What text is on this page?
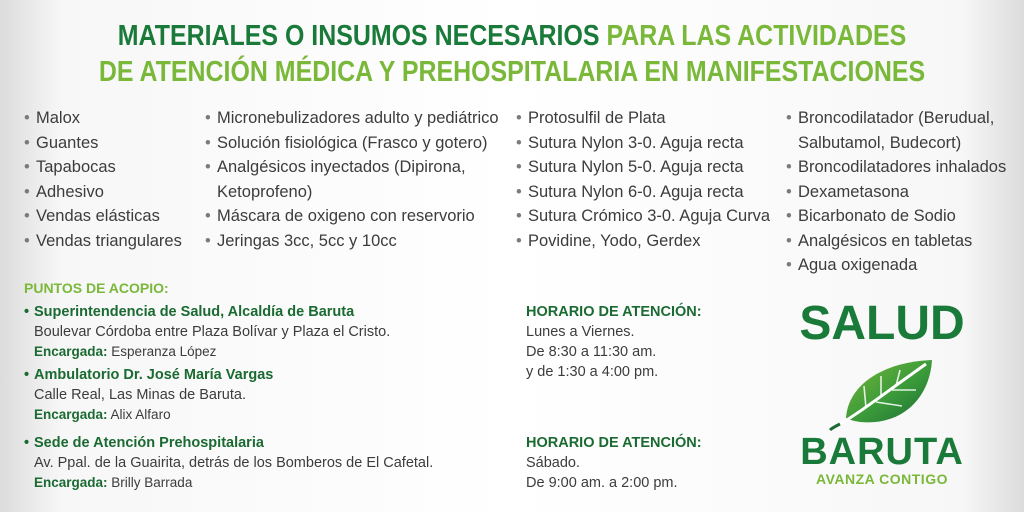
MATERIALES O INSUMOS NECESARIOS PARA LAS ACTIVIDADES
DE ATENCIÓN MÉDICA Y PREHOSPITALARIA EN MANIFESTACIONES
• Malox
• Guantes
• Tapabocas
• Adhesivo
• Vendas elásticas
• Vendas triangulares
• Micronebulizadores adulto y pediátrico
• Solución fisiológica (Frasco y gotero)
• Analgésicos inyectados (Dipirona, Ketoprofeno)
• Máscara de oxigeno con reservorio
• Jeringas 3cc, 5cc y 10cc
• Protosulfil de Plata
• Sutura Nylon 3-0. Aguja recta
• Sutura Nylon 5-0. Aguja recta
• Sutura Nylon 6-0. Aguja recta
• Sutura Crómico 3-0. Aguja Curva
• Povidine, Yodo, Gerdex
• Broncodilatador (Berudual, Salbutamol, Budecort)
• Broncodilatadores inhalados
• Dexametasona
• Bicarbonato de Sodio
• Analgésicos en tabletas
• Agua oxigenada
PUNTOS DE ACOPIO:
• Superintendencia de Salud, Alcaldía de Baruta
Boulevar Córdoba entre Plaza Bolívar y Plaza el Cristo.
Encargada: Esperanza López
• Ambulatorio Dr. José María Vargas
Calle Real, Las Minas de Baruta.
Encargada: Alix Alfaro
• Sede de Atención Prehospitalaria
Av. Ppal. de la Guairita, detrás de los Bomberos de El Cafetal.
Encargada: Brilly Barrada
HORARIO DE ATENCIÓN:
Lunes a Viernes.
De 8:30 a 11:30 am.
y de 1:30 a 4:00 pm.
HORARIO DE ATENCIÓN:
Sábado.
De 9:00 am. a 2:00 pm.
SALUD
BARUTA
AVANZA CONTIGO
